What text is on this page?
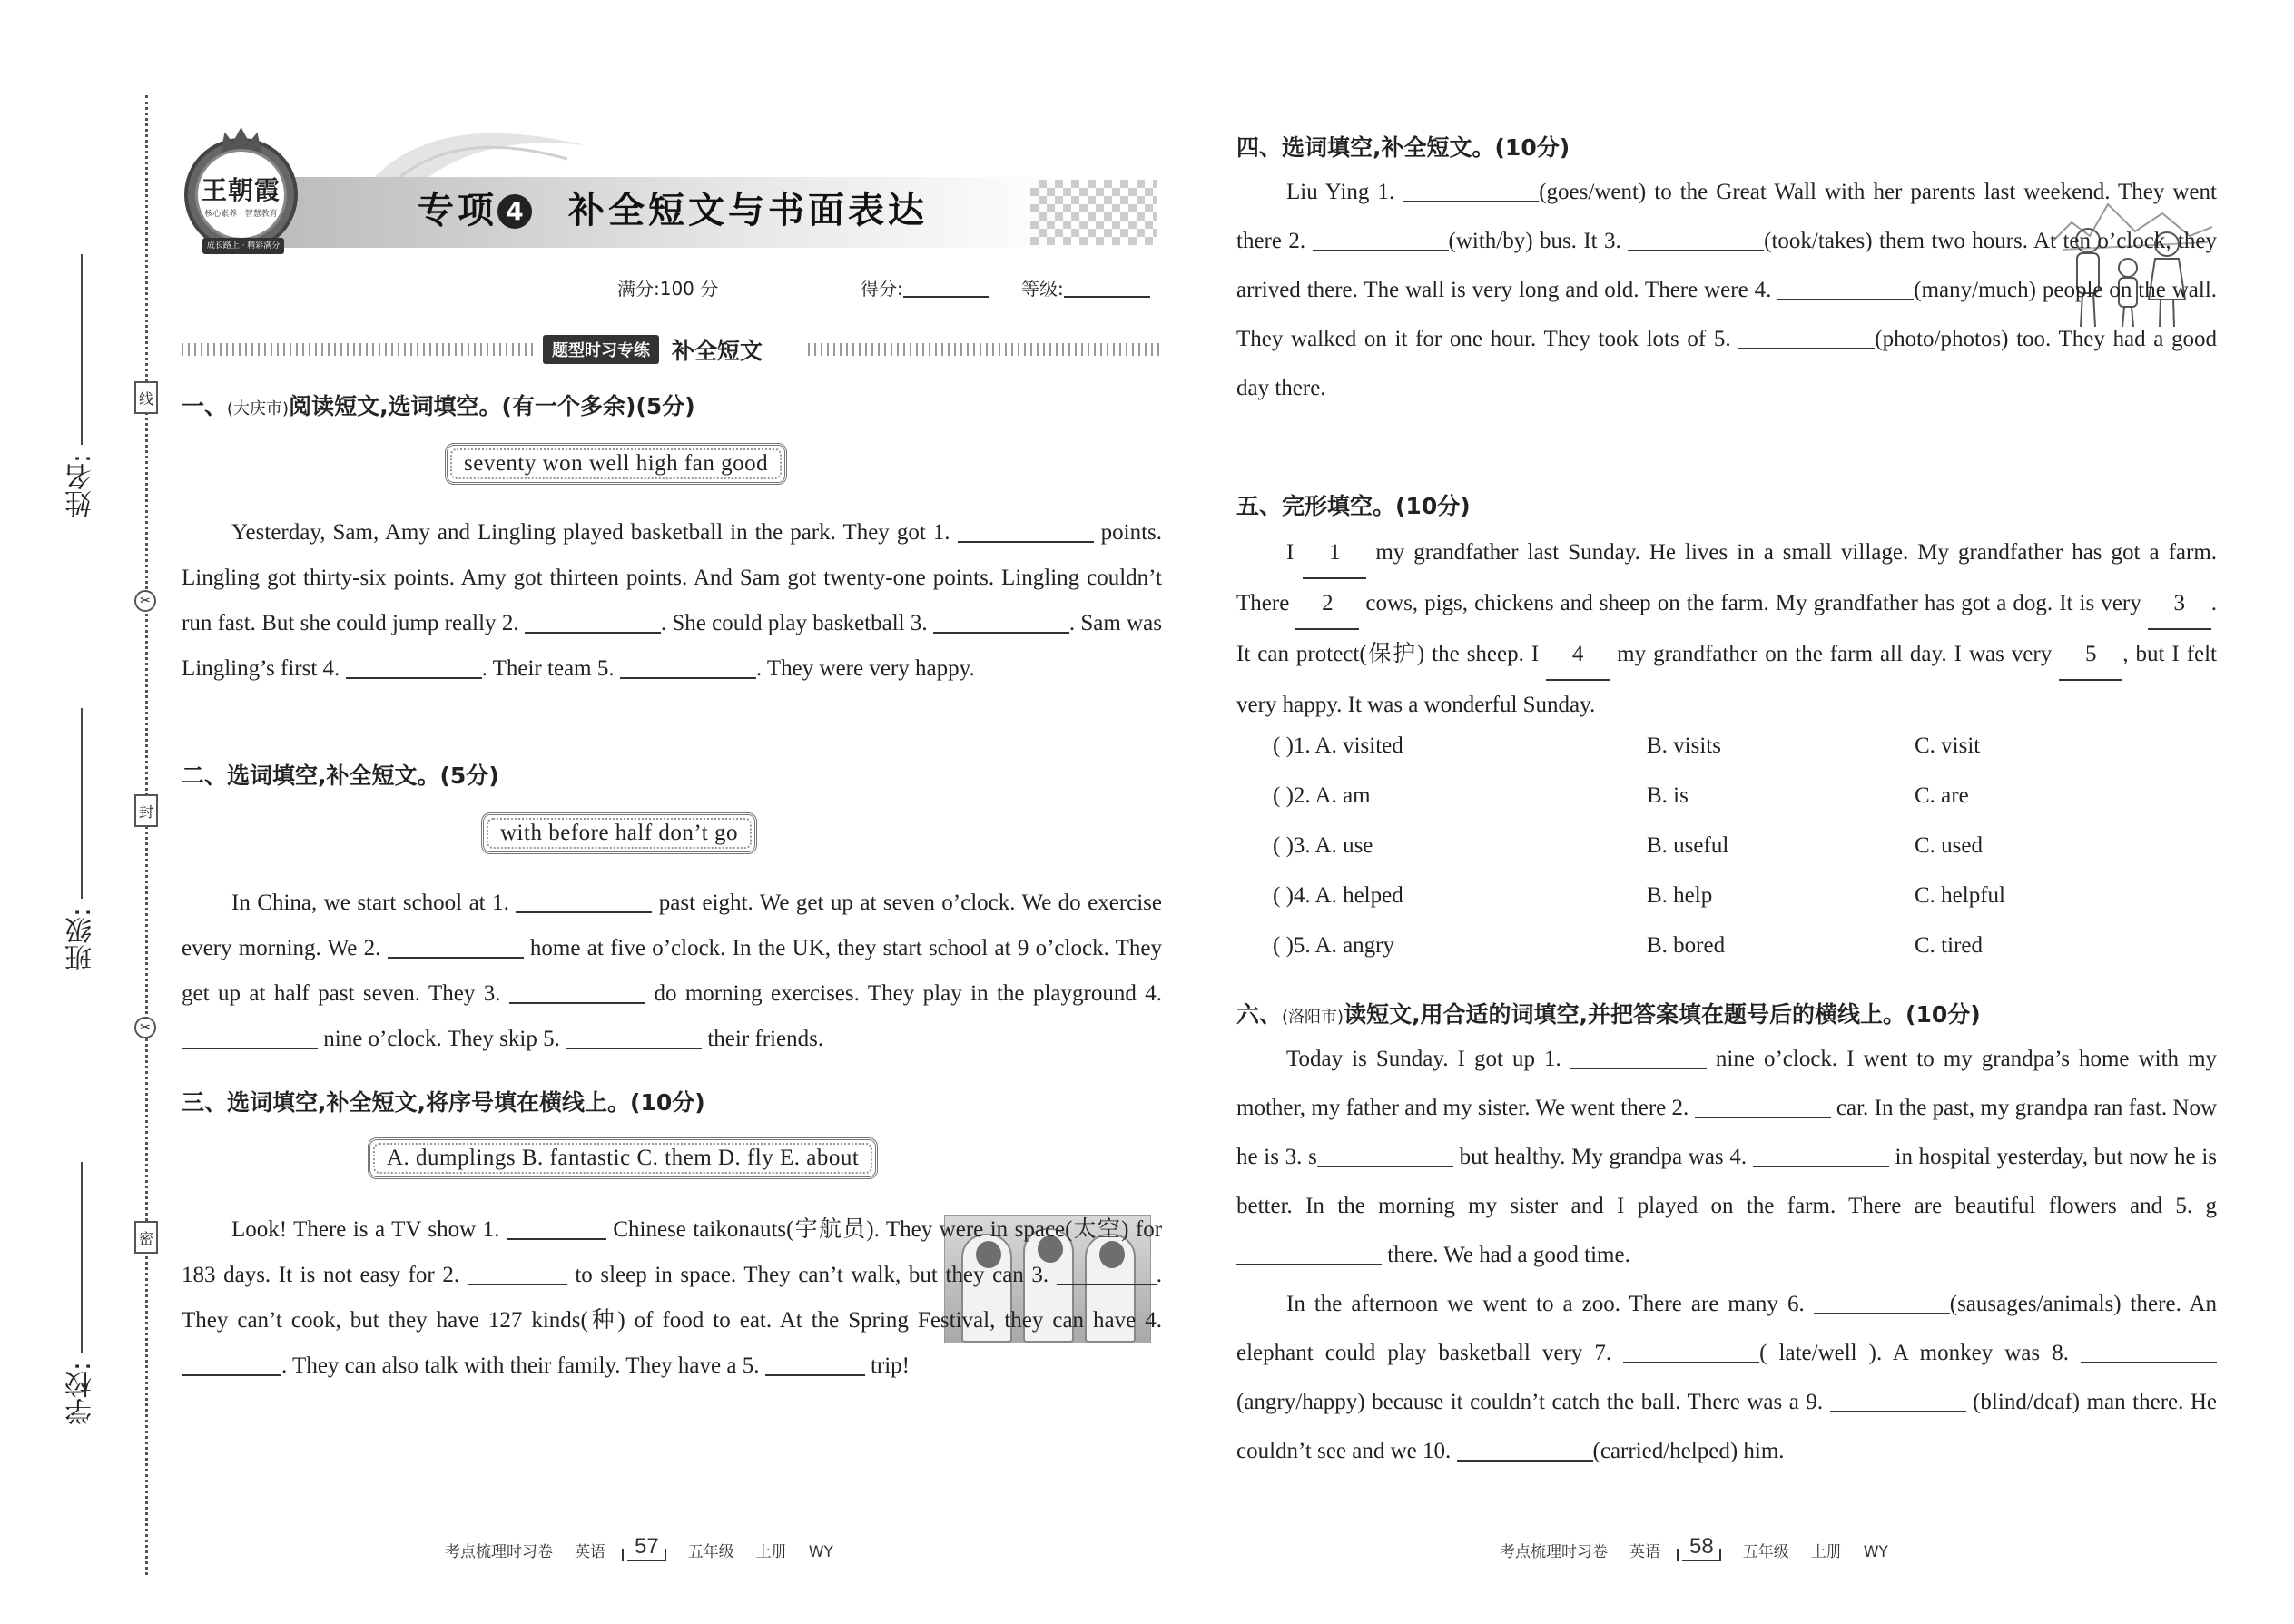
线
✂
封
✂
密
姓名:
班级:
学校:
专项 4 补全短文与书面表达
王朝霞
核心素养 · 智慧教育
成长路上 · 精彩满分
满分:100 分	得分:	等级:
题型时习专练 补全短文
一、(大庆市)阅读短文,选词填空。(有一个多余)(5分)
seventy won well high fan good
Yesterday, Sam, Amy and Lingling played basketball in the park. They got 1.	points. Lingling got thirty-six points. Amy got thirteen points. And Sam got twenty-one points. Lingling couldn’t run fast. But she could jump really 2.	. She could play basketball 3.	. Sam was Lingling’s first 4.	. Their team 5.	. They were very happy.
二、选词填空,补全短文。(5分)
with before half don’t go
In China, we start school at 1.	past eight. We get up at seven o’clock. We do exercise every morning. We 2.	home at five o’clock. In the UK, they start school at 9 o’clock. They get up at half past seven. They 3.	do morning exercises. They play in the playground 4.  nine o’clock. They skip 5.	their friends.
三、选词填空,补全短文,将序号填在横线上。(10分)
A. dumplings B. fantastic C. them D. fly E. about
Look! There is a TV show 1.	Chinese taikonauts(宇航员). They were in space(太空) for 183 days. It is not easy for 2.	to sleep in space. They can’t walk, but they can 3.	. They can’t cook, but they have 127 kinds(种) of food to eat. At the Spring Festival, they can have 4. . They can also talk with their family. They have a 5.	trip!
考点梳理时习卷 英语	57	五年级 上册 WY
四、选词填空,补全短文。(10分)
Liu Ying 1.	(goes/went) to the Great Wall with her parents last weekend. They went there 2.	(with/by) bus. It 3.	(took/takes) them two hours. At ten o’clock, they arrived there. The wall is very long and old. There were 4.	(many/much) people on the wall. They walked on it for one hour. They took lots of 5.	(photo/photos) too. They had a good day there.
五、完形填空。(10分)
I 1 my grandfather last Sunday. He lives in a small village. My grandfather has got a farm. There 2 cows, pigs, chickens and sheep on the farm. My grandfather has got a dog. It is very 3 . It can protect(保护) the sheep. I 4 my grandfather on the farm all day. I was very 5 , but I felt very happy. It was a wonderful Sunday.
( )1. A. visited	B. visits	C. visit
( )2. A. am	B. is	C. are
( )3. A. use	B. useful	C. used
( )4. A. helped	B. help	C. helpful
( )5. A. angry	B. bored	C. tired
六、(洛阳市)读短文,用合适的词填空,并把答案填在题号后的横线上。(10分)
Today is Sunday. I got up 1.	nine o’clock. I went to my grandpa’s home with my mother, my father and my sister. We went there 2.	car. In the past, my grandpa ran fast. Now he is 3. s	but healthy. My grandpa was 4.	in hospital yesterday, but now he is better. In the morning my sister and I played on the farm. There are beautiful flowers and 5. g there. We had a good time.
In the afternoon we went to a zoo. There are many 6.	(sausages/animals) there. An elephant could play basketball very 7.	( late/well ). A monkey was 8. (angry/happy) because it couldn’t catch the ball. There was a 9.	(blind/deaf) man there. He couldn’t see and we 10.	(carried/helped) him.
考点梳理时习卷 英语	58	五年级 上册 WY
